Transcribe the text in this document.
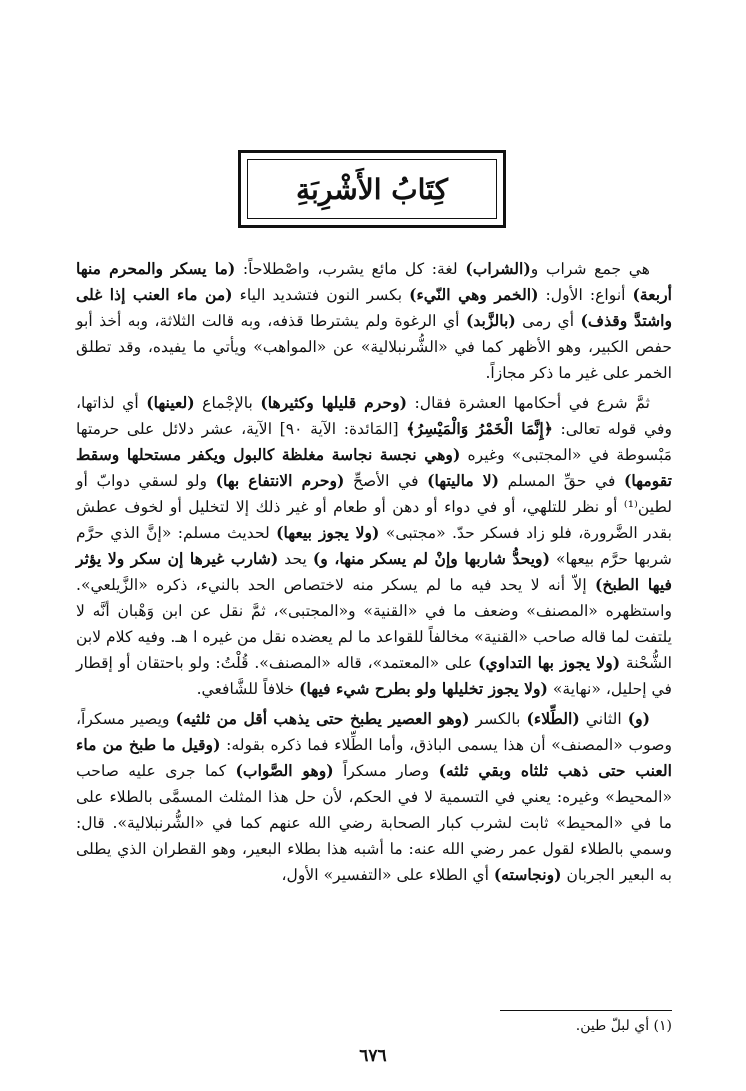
كِتَابُ الأَشْرِبَةِ

هي جمع شراب و(الشراب) لغة: كل مائع يشرب، واصْطلاحاً: (ما يسكر والمحرم منها أربعة) أنواع: الأول: (الخمر وهي النّيء) بكسر النون فتشديد الياء (من ماء العنب إذا غلى واشتدَّ وقذف) أي رمى (بالزَّبد) أي الرغوة ولم يشترطا قذفه، وبه قالت الثلاثة، وبه أخذ أبو حفص الكبير، وهو الأظهر كما في «الشُّرنبلالية» عن «المواهب» ويأتي ما يفيده، وقد تطلق الخمر على غير ما ذكر مجازاً.

ثمَّ شرع في أحكامها العشرة فقال: (وحرم قليلها وكثيرها) بالإجْماع (لعينها) أي لذاتها، وفي قوله تعالى: ﴿إِنَّمَا الْخَمْرُ وَالْمَيْسِرُ﴾ [المَائدة: الآية ٩٠] الآية، عشر دلائل على حرمتها مَبْسوطة في «المجتبى» وغيره (وهي نجسة نجاسة مغلظة كالبول ويكفر مستحلها وسقط تقومها) في حقِّ المسلم (لا ماليتها) في الأصحِّ (وحرم الانتفاع بها) ولو لسقي دوابّ أو لطين⁽¹⁾ أو نظر للتلهي، أو في دواء أو دهن أو طعام أو غير ذلك إلا لتخليل أو لخوف عطش بقدر الضَّرورة، فلو زاد فسكر حدّ. «مجتبى» (ولا يجوز بيعها) لحديث مسلم: «إنَّ الذي حرَّم شربها حرَّم بيعها» (ويحدُّ شاربها وإنْ لم يسكر منها، و) يحد (شارب غيرها إن سكر ولا يؤثر فيها الطبخ) إلاّ أنه لا يحد فيه ما لم يسكر منه لاختصاص الحد بالنيء، ذكره «الزَّيلعي». واستظهره «المصنف» وضعف ما في «القنية» و«المجتبى»، ثمَّ نقل عن ابن وَهْبان أنَّه لا يلتفت لما قاله صاحب «القنية» مخالفاً للقواعد ما لم يعضده نقل من غيره ا هـ. وفيه كلام لابن الشُّحْنة (ولا يجوز بها التداوي) على «المعتمد»، قاله «المصنف». قُلْتُ: ولو باحتقان أو إقطار في إحليل، «نهاية» (ولا يجوز تخليلها ولو بطرح شيء فيها) خلافاً للشَّافعي.

(و) الثاني (الطِّلاء) بالكسر (وهو العصير يطبخ حتى يذهب أقل من ثلثيه) ويصير مسكراً، وصوب «المصنف» أن هذا يسمى الباذق، وأما الطِّلاء فما ذكره بقوله: (وقيل ما طبخ من ماء العنب حتى ذهب ثلثاه وبقي ثلثه) وصار مسكراً (وهو الصَّواب) كما جرى عليه صاحب «المحيط» وغيره: يعني في التسمية لا في الحكم، لأن حل هذا المثلث المسمَّى بالطلاء على ما في «المحيط» ثابت لشرب كبار الصحابة رضي الله عنهم كما في «الشُّرنبلالية». قال: وسمي بالطلاء لقول عمر رضي الله عنه: ما أشبه هذا بطلاء البعير، وهو القطران الذي يطلى به البعير الجربان (ونجاسته) أي الطلاء على «التفسير» الأول،

(١) أي لبلّ طين.
٦٧٦
